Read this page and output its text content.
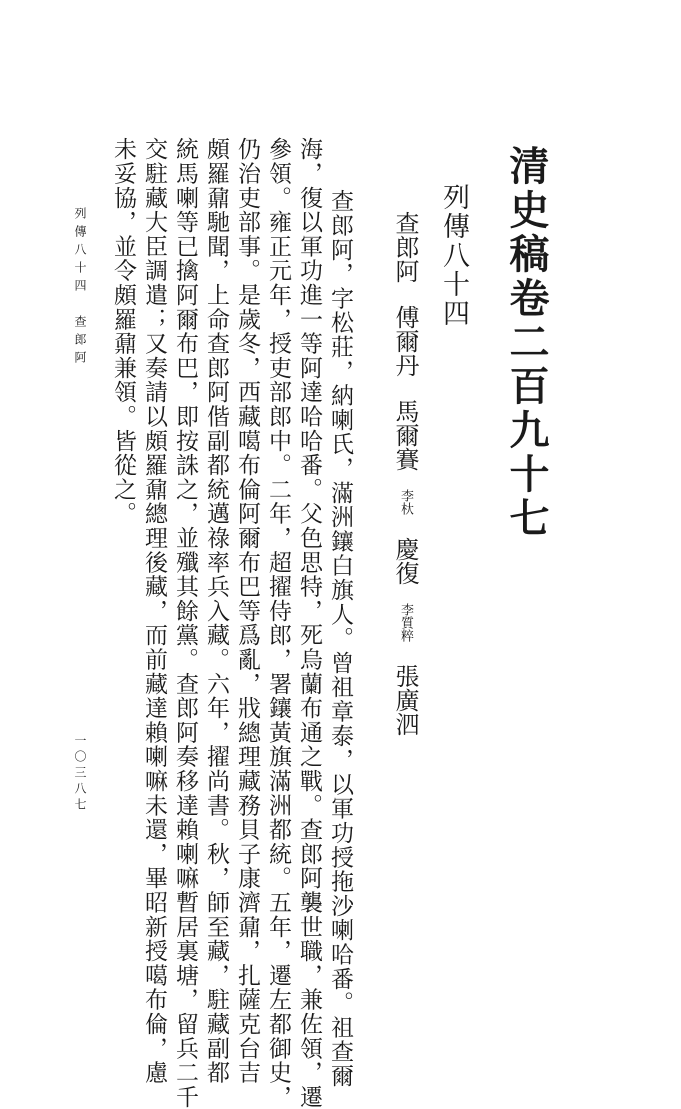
清史稿卷二百九十七
列傳八十四
查郎阿傅爾丹馬爾賽李杕慶復李質粹張廣泗
查郎阿，字松莊，納喇氏，滿洲鑲白旗人。曾祖章泰，以軍功授拖沙喇哈番。祖查爾
海，復以軍功進一等阿達哈哈番。父色思特，死烏蘭布通之戰。查郎阿襲世職，兼佐領，遷
參領。雍正元年，授吏部郎中。二年，超擢侍郎，署鑲黃旗滿洲都統。五年，遷左都御史，
仍治吏部事。是歲冬，西藏噶布倫阿爾布巴等爲亂，戕總理藏務貝子康濟鼐，扎薩克台吉
頗羅鼐馳聞，上命查郎阿偕副都統邁祿率兵入藏。六年，擢尚書。秋，師至藏，駐藏副都
統馬喇等已擒阿爾布巴，即按誅之，並殲其餘黨。查郎阿奏移達賴喇嘛暫居裏塘，留兵二千
交駐藏大臣調遣；又奏請以頗羅鼐總理後藏，而前藏達賴喇嘛未還，畢昭新授噶布倫，慮
未妥協，並令頗羅鼐兼領。皆從之。
列傳八十四　查郎阿
一〇三八七
